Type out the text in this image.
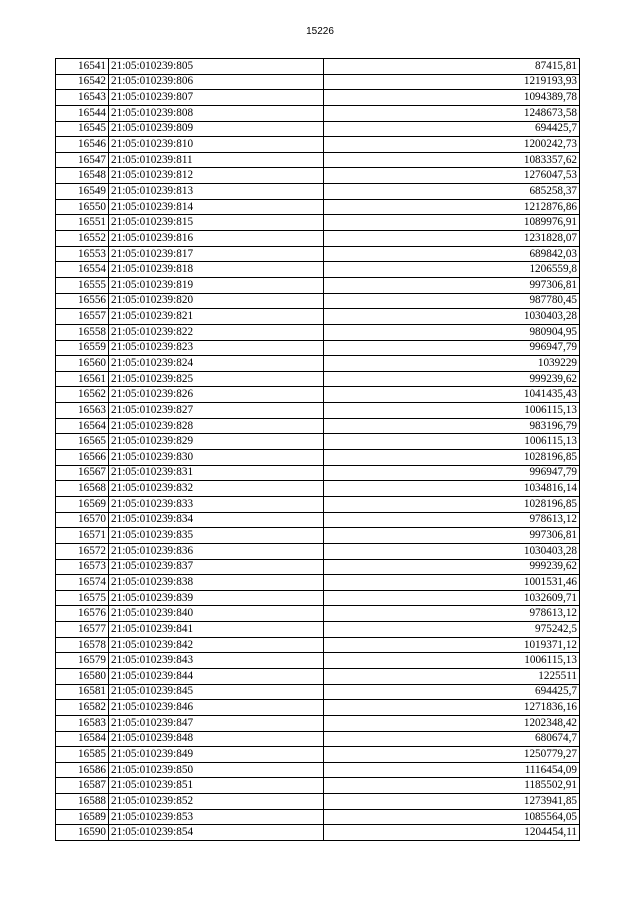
15226
16541	21:05:010239:805	87415,81
16542	21:05:010239:806	1219193,93
16543	21:05:010239:807	1094389,78
16544	21:05:010239:808	1248673,58
16545	21:05:010239:809	694425,7
16546	21:05:010239:810	1200242,73
16547	21:05:010239:811	1083357,62
16548	21:05:010239:812	1276047,53
16549	21:05:010239:813	685258,37
16550	21:05:010239:814	1212876,86
16551	21:05:010239:815	1089976,91
16552	21:05:010239:816	1231828,07
16553	21:05:010239:817	689842,03
16554	21:05:010239:818	1206559,8
16555	21:05:010239:819	997306,81
16556	21:05:010239:820	987780,45
16557	21:05:010239:821	1030403,28
16558	21:05:010239:822	980904,95
16559	21:05:010239:823	996947,79
16560	21:05:010239:824	1039229
16561	21:05:010239:825	999239,62
16562	21:05:010239:826	1041435,43
16563	21:05:010239:827	1006115,13
16564	21:05:010239:828	983196,79
16565	21:05:010239:829	1006115,13
16566	21:05:010239:830	1028196,85
16567	21:05:010239:831	996947,79
16568	21:05:010239:832	1034816,14
16569	21:05:010239:833	1028196,85
16570	21:05:010239:834	978613,12
16571	21:05:010239:835	997306,81
16572	21:05:010239:836	1030403,28
16573	21:05:010239:837	999239,62
16574	21:05:010239:838	1001531,46
16575	21:05:010239:839	1032609,71
16576	21:05:010239:840	978613,12
16577	21:05:010239:841	975242,5
16578	21:05:010239:842	1019371,12
16579	21:05:010239:843	1006115,13
16580	21:05:010239:844	1225511
16581	21:05:010239:845	694425,7
16582	21:05:010239:846	1271836,16
16583	21:05:010239:847	1202348,42
16584	21:05:010239:848	680674,7
16585	21:05:010239:849	1250779,27
16586	21:05:010239:850	1116454,09
16587	21:05:010239:851	1185502,91
16588	21:05:010239:852	1273941,85
16589	21:05:010239:853	1085564,05
16590	21:05:010239:854	1204454,11
